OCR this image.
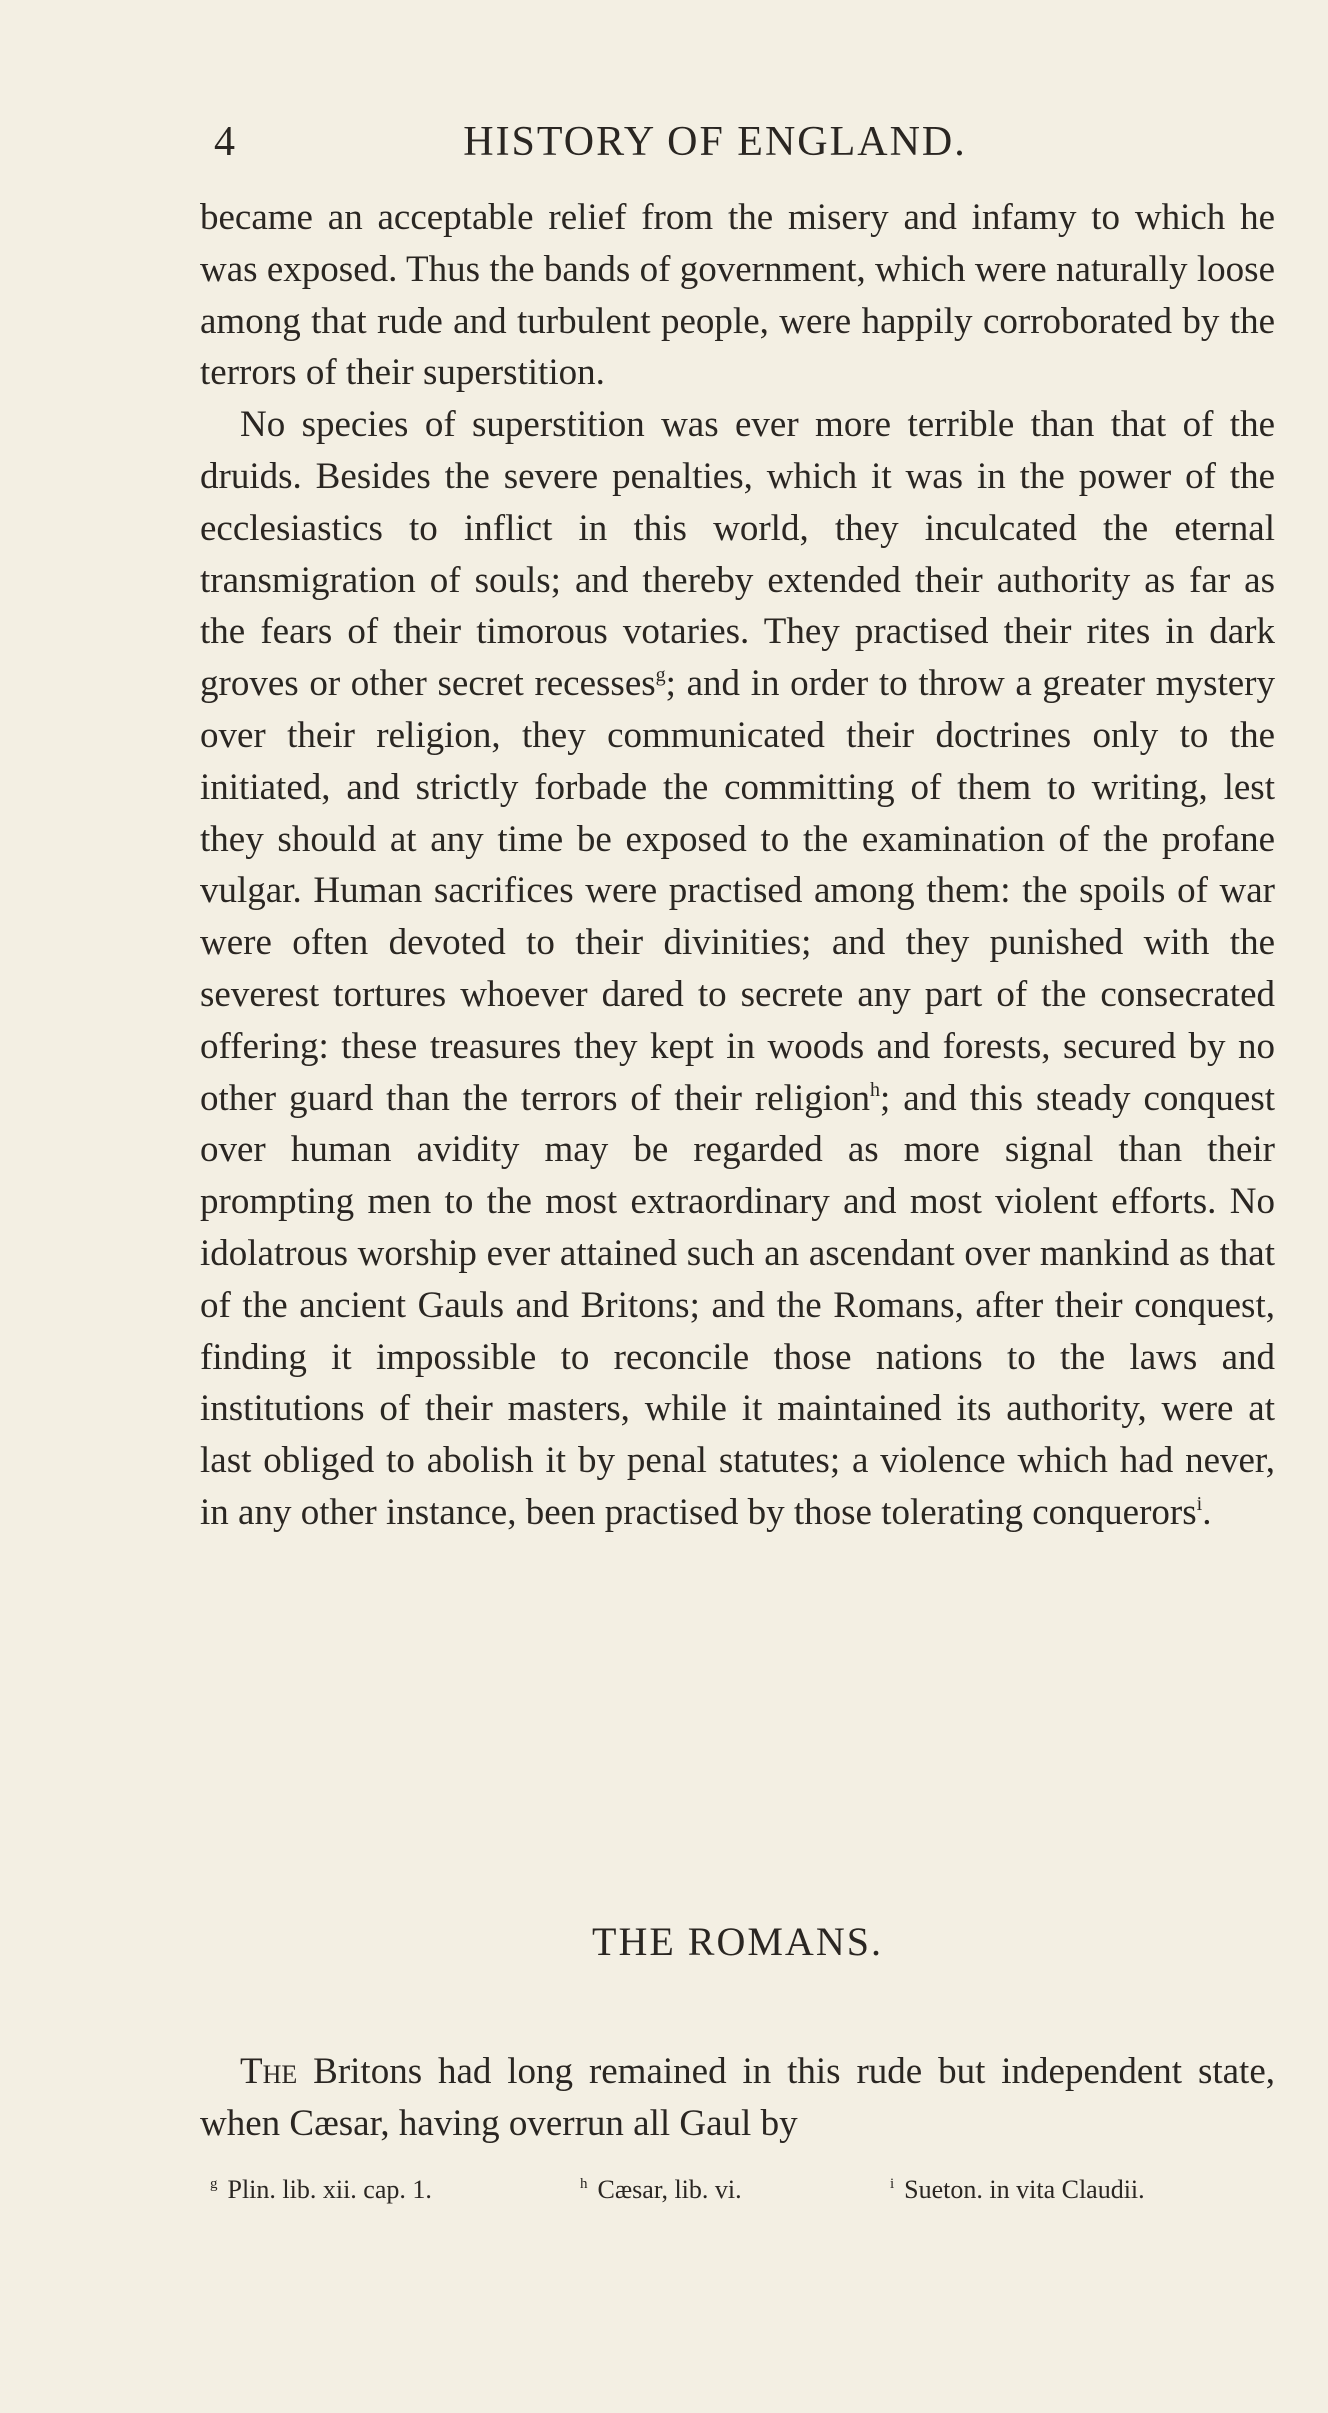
4	HISTORY OF ENGLAND.

became an acceptable relief from the misery and infamy to which he was exposed. Thus the bands of government, which were naturally loose among that rude and turbulent people, were happily corroborated by the terrors of their superstition.

No species of superstition was ever more terrible than that of the druids. Besides the severe penalties, which it was in the power of the ecclesiastics to inflict in this world, they inculcated the eternal transmigration of souls; and thereby extended their authority as far as the fears of their timorous votaries. They practised their rites in dark groves or other secret recesses$^g$; and in order to throw a greater mystery over their religion, they communicated their doctrines only to the initiated, and strictly forbade the committing of them to writing, lest they should at any time be exposed to the examination of the profane vulgar. Human sacrifices were practised among them: the spoils of war were often devoted to their divinities; and they punished with the severest tortures whoever dared to secrete any part of the consecrated offering: these treasures they kept in woods and forests, secured by no other guard than the terrors of their religion$^h$; and this steady conquest over human avidity may be regarded as more signal than their prompting men to the most extraordinary and most violent efforts. No idolatrous worship ever attained such an ascendant over mankind as that of the ancient Gauls and Britons; and the Romans, after their conquest, finding it impossible to reconcile those nations to the laws and institutions of their masters, while it maintained its authority, were at last obliged to abolish it by penal statutes; a violence which had never, in any other instance, been practised by those tolerating conquerors$^i$.

THE ROMANS.

The Britons had long remained in this rude but independent state, when Cæsar, having overrun all Gaul by

$^g$ Plin. lib. xii. cap. 1.	$^h$ Cæsar, lib. vi.	$^i$ Sueton. in vita Claudii.
